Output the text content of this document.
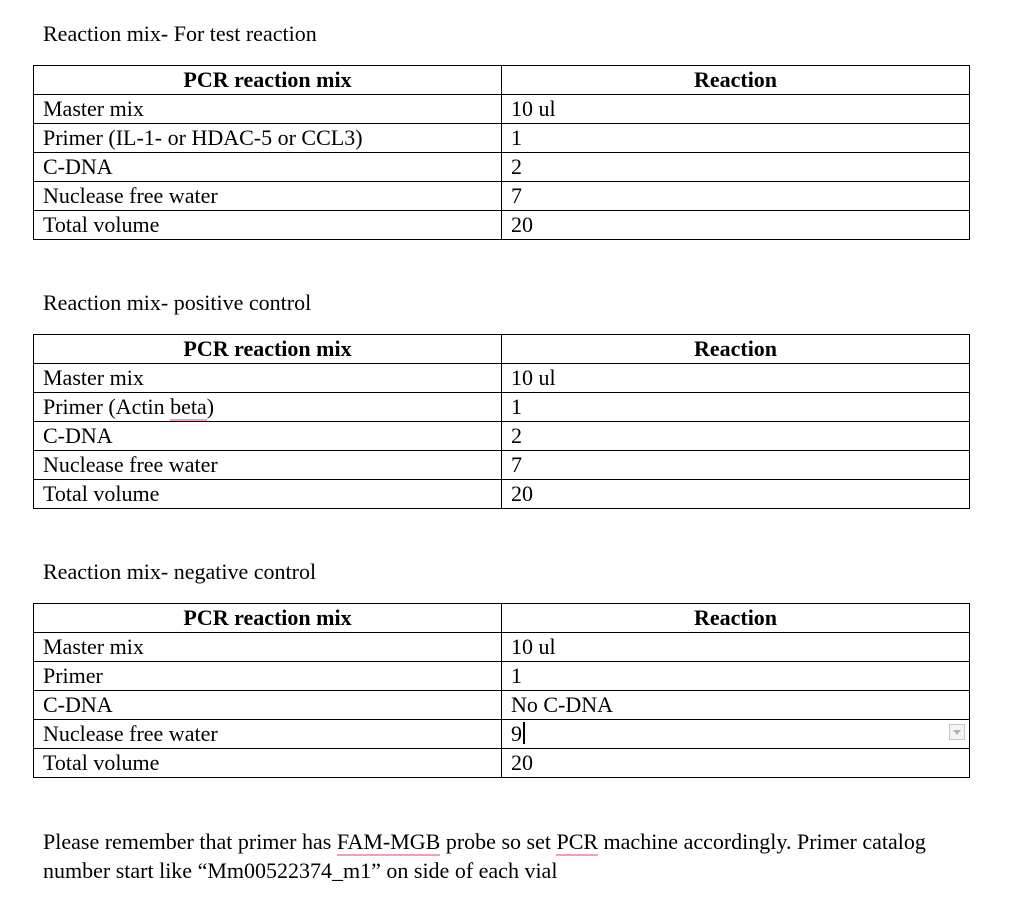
Reaction mix- For test reaction

PCR reaction mix	Reaction
Master mix	10 ul
Primer (IL-1- or HDAC-5 or CCL3)	1
C-DNA	2
Nuclease free water	7
Total volume	20

Reaction mix- positive control

PCR reaction mix	Reaction
Master mix	10 ul
Primer (Actin beta)	1
C-DNA	2
Nuclease free water	7
Total volume	20

Reaction mix- negative control

PCR reaction mix	Reaction
Master mix	10 ul
Primer	1
C-DNA	No C-DNA
Nuclease free water	9

Total volume	20

Please remember that primer has FAM-MGB probe so set PCR machine accordingly. Primer catalog number start like “Mm00522374_m1” on side of each vial
